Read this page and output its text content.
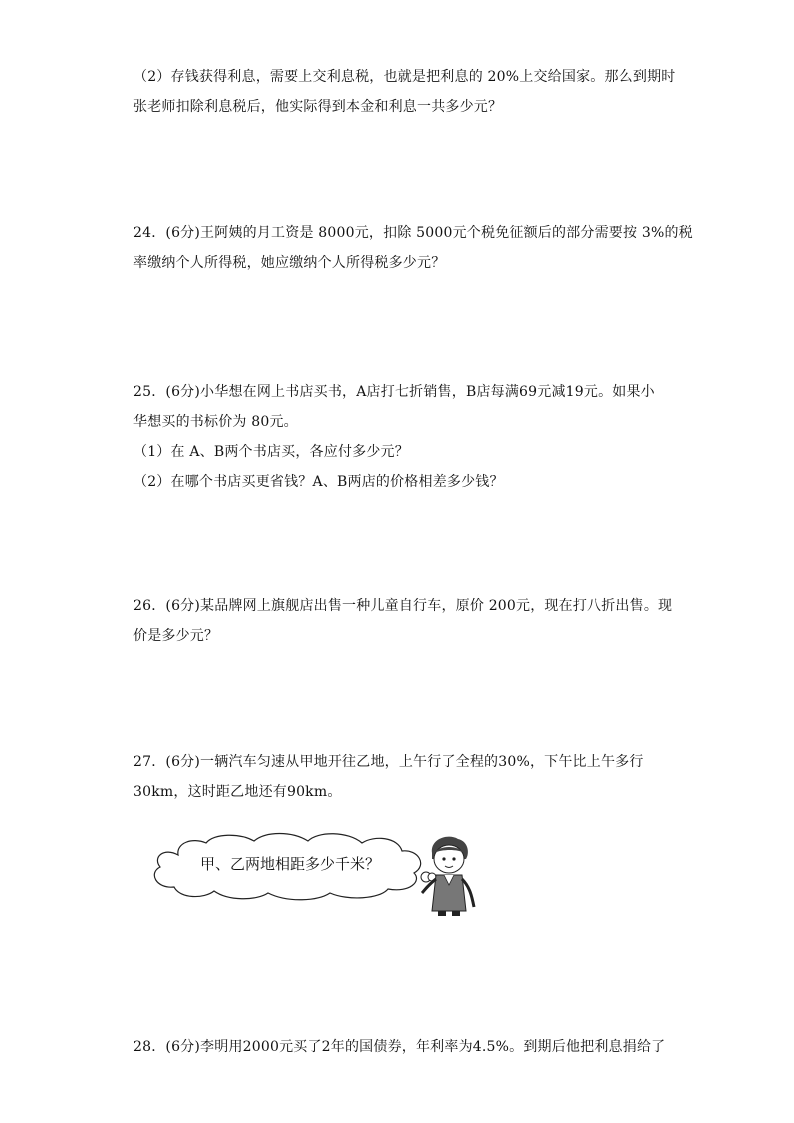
（2）存钱获得利息，需要上交利息税，也就是把利息的 20%上交给国家。那么到期时
张老师扣除利息税后，他实际得到本金和利息一共多少元？
24．(6分)王阿姨的月工资是 8000元，扣除 5000元个税免征额后的部分需要按 3%的税
率缴纳个人所得税，她应缴纳个人所得税多少元？
25．(6分)小华想在网上书店买书，A店打七折销售，B店每满69元减19元。如果小
华想买的书标价为 80元。
（1）在 A、B两个书店买，各应付多少元？
（2）在哪个书店买更省钱？A、B两店的价格相差多少钱？
26．(6分)某品牌网上旗舰店出售一种儿童自行车，原价 200元，现在打八折出售。现
价是多少元？
27．(6分)一辆汽车匀速从甲地开往乙地，上午行了全程的30%，下午比上午多行
30km，这时距乙地还有90km。
甲、乙两地相距多少千米？
28．(6分)李明用2000元买了2年的国债券，年利率为4.5%。到期后他把利息捐给了
